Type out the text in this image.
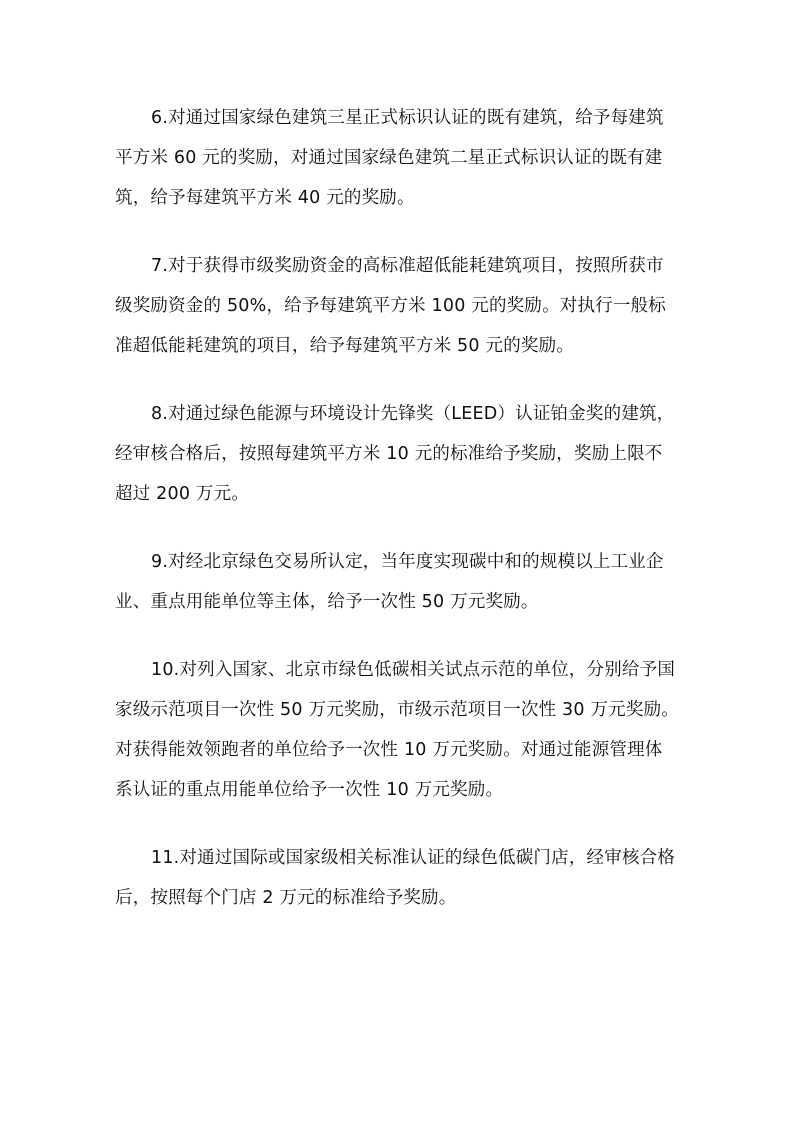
6.对通过国家绿色建筑三星正式标识认证的既有建筑，给予每建筑
平方米 60 元的奖励，对通过国家绿色建筑二星正式标识认证的既有建
筑，给予每建筑平方米 40 元的奖励。
7.对于获得市级奖励资金的高标准超低能耗建筑项目，按照所获市
级奖励资金的 50%，给予每建筑平方米 100 元的奖励。对执行一般标
准超低能耗建筑的项目，给予每建筑平方米 50 元的奖励。
8.对通过绿色能源与环境设计先锋奖（LEED）认证铂金奖的建筑，
经审核合格后，按照每建筑平方米 10 元的标准给予奖励，奖励上限不
超过 200 万元。
9.对经北京绿色交易所认定，当年度实现碳中和的规模以上工业企
业、重点用能单位等主体，给予一次性 50 万元奖励。
10.对列入国家、北京市绿色低碳相关试点示范的单位，分别给予国
家级示范项目一次性 50 万元奖励，市级示范项目一次性 30 万元奖励。
对获得能效领跑者的单位给予一次性 10 万元奖励。对通过能源管理体
系认证的重点用能单位给予一次性 10 万元奖励。
11.对通过国际或国家级相关标准认证的绿色低碳门店，经审核合格
后，按照每个门店 2 万元的标准给予奖励。
